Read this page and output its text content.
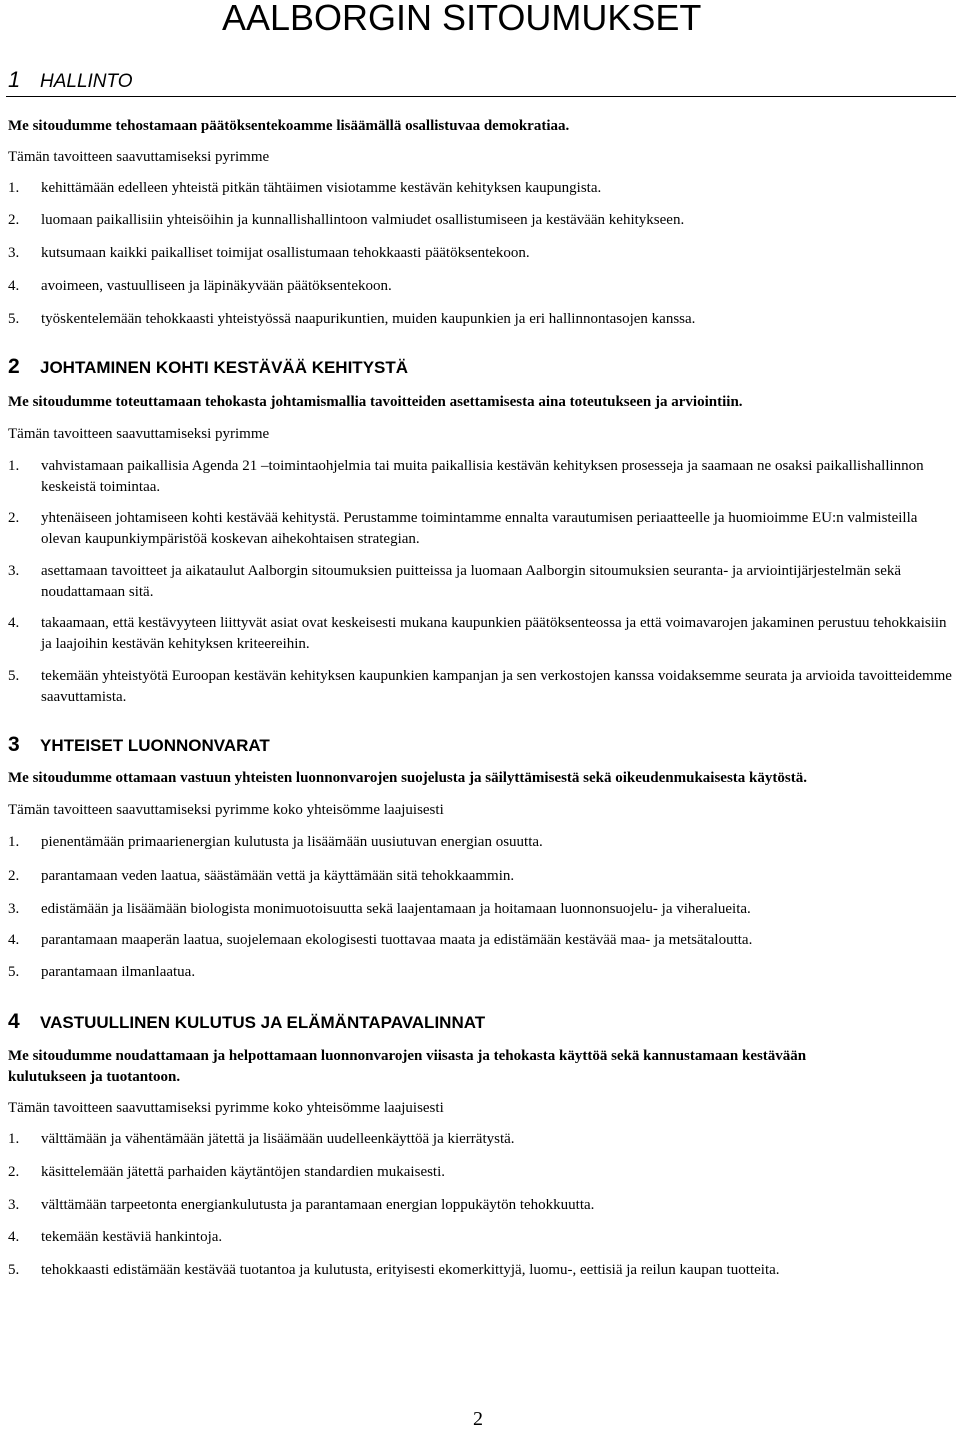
AALBORGIN SITOUMUKSET
1 HALLINTO
Me sitoudumme tehostamaan päätöksentekoamme lisäämällä osallistuvaa demokratiaa.
Tämän tavoitteen saavuttamiseksi pyrimme
1. kehittämään edelleen yhteistä pitkän tähtäimen visiotamme kestävän kehityksen kaupungista.
2. luomaan paikallisiin yhteisöihin ja kunnallishallintoon valmiudet osallistumiseen ja kestävään kehitykseen.
3. kutsumaan kaikki paikalliset toimijat osallistumaan tehokkaasti päätöksentekoon.
4. avoimeen, vastuulliseen ja läpinäkyvään päätöksentekoon.
5. työskentelemään tehokkaasti yhteistyössä naapurikuntien, muiden kaupunkien ja eri hallinnontasojen kanssa.
2 JOHTAMINEN KOHTI KESTÄVÄÄ KEHITYSTÄ
Me sitoudumme toteuttamaan tehokasta johtamismallia tavoitteiden asettamisesta aina toteutukseen ja arviointiin.
Tämän tavoitteen saavuttamiseksi pyrimme
1. vahvistamaan paikallisia Agenda 21 –toimintaohjelmia tai muita paikallisia kestävän kehityksen prosesseja ja saamaan ne osaksi paikallishallinnon keskeistä toimintaa.
2. yhtenäiseen johtamiseen kohti kestävää kehitystä. Perustamme toimintamme ennalta varautumisen periaatteelle ja huomioimme EU:n valmisteilla olevan kaupunkiympäristöä koskevan aihekohtaisen strategian.
3. asettamaan tavoitteet ja aikataulut Aalborgin sitoumuksien puitteissa ja luomaan Aalborgin sitoumuksien seuranta- ja arviointijärjestelmän sekä noudattamaan sitä.
4. takaamaan, että kestävyyteen liittyvät asiat ovat keskeisesti mukana kaupunkien päätöksenteossa ja että voimavarojen jakaminen perustuu tehokkaisiin ja laajoihin kestävän kehityksen kriteereihin.
5. tekemään yhteistyötä Euroopan kestävän kehityksen kaupunkien kampanjan ja sen verkostojen kanssa voidaksemme seurata ja arvioida tavoitteidemme saavuttamista.
3 YHTEISET LUONNONVARAT
Me sitoudumme ottamaan vastuun yhteisten luonnonvarojen suojelusta ja säilyttämisestä sekä oikeudenmukaisesta käytöstä.
Tämän tavoitteen saavuttamiseksi pyrimme koko yhteisömme laajuisesti
1. pienentämään primaarienergian kulutusta ja lisäämään uusiutuvan energian osuutta.
2. parantamaan veden laatua, säästämään vettä ja käyttämään sitä tehokkaammin.
3. edistämään ja lisäämään biologista monimuotoisuutta sekä laajentamaan ja hoitamaan luonnonsuojelu- ja viheralueita.
4. parantamaan maaperän laatua, suojelemaan ekologisesti tuottavaa maata ja edistämään kestävää maa- ja metsätaloutta.
5. parantamaan ilmanlaatua.
4 VASTUULLINEN KULUTUS JA ELÄMÄNTAPAVALINNAT
Me sitoudumme noudattamaan ja helpottamaan luonnonvarojen viisasta ja tehokasta käyttöä sekä kannustamaan kestävään
kulutukseen ja tuotantoon.
Tämän tavoitteen saavuttamiseksi pyrimme koko yhteisömme laajuisesti
1. välttämään ja vähentämään jätettä ja lisäämään uudelleenkäyttöä ja kierrätystä.
2. käsittelemään jätettä parhaiden käytäntöjen standardien mukaisesti.
3. välttämään tarpeetonta energiankulutusta ja parantamaan energian loppukäytön tehokkuutta.
4. tekemään kestäviä hankintoja.
5. tehokkaasti edistämään kestävää tuotantoa ja kulutusta, erityisesti ekomerkittyjä, luomu-, eettisiä ja reilun kaupan tuotteita.
2
